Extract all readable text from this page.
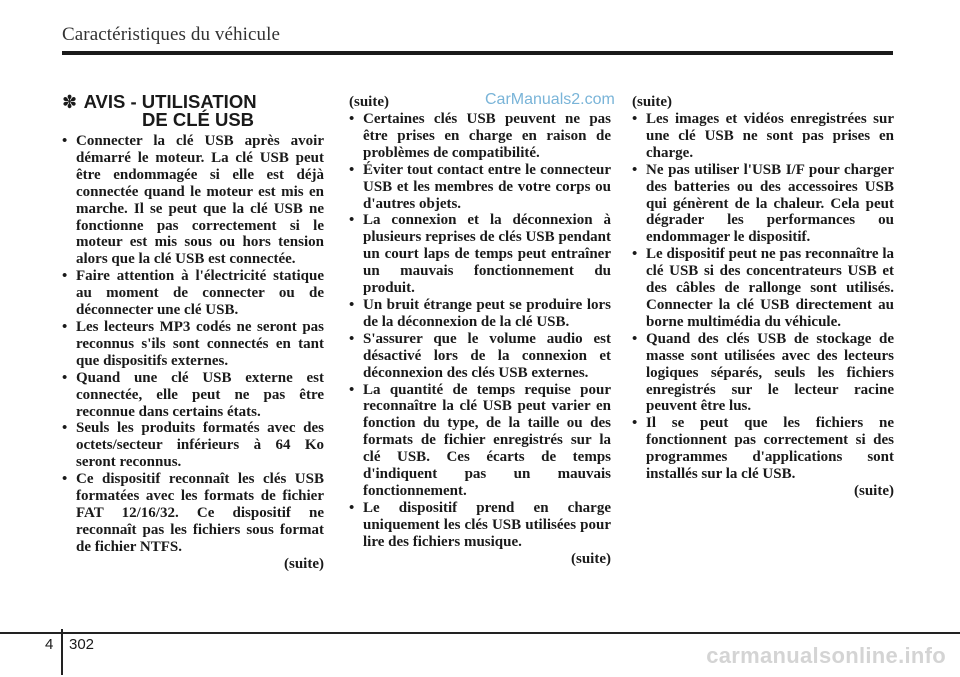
Caractéristiques du véhicule
CarManuals2.com
✽ AVIS - UTILISATION
DE CLÉ USB
• Connecter la clé USB après avoir démarré le moteur. La clé USB peut être endommagée si elle est déjà connectée quand le moteur est mis en marche. Il se peut que la clé USB ne fonctionne pas correctement si le moteur est mis sous ou hors tension alors que la clé USB est connectée.
• Faire attention à l'électricité statique au moment de connecter ou de déconnecter une clé USB.
• Les lecteurs MP3 codés ne seront pas reconnus s'ils sont connectés en tant que dispositifs externes.
• Quand une clé USB externe est connectée, elle peut ne pas être reconnue dans certains états.
• Seuls les produits formatés avec des octets/secteur inférieurs à 64 Ko seront reconnus.
• Ce dispositif reconnaît les clés USB formatées avec les formats de fichier FAT 12/16/32. Ce dispositif ne reconnaît pas les fichiers sous format de fichier NTFS.
(suite)
(suite)
• Certaines clés USB peuvent ne pas être prises en charge en raison de problèmes de compatibilité.
• Éviter tout contact entre le connecteur USB et les membres de votre corps ou d'autres objets.
• La connexion et la déconnexion à plusieurs reprises de clés USB pendant un court laps de temps peut entraîner un mauvais fonctionnement du produit.
• Un bruit étrange peut se produire lors de la déconnexion de la clé USB.
• S'assurer que le volume audio est désactivé lors de la connexion et déconnexion des clés USB externes.
• La quantité de temps requise pour reconnaître la clé USB peut varier en fonction du type, de la taille ou des formats de fichier enregistrés sur la clé USB. Ces écarts de temps d'indiquent pas un mauvais fonctionnement.
• Le dispositif prend en charge uniquement les clés USB utilisées pour lire des fichiers musique.
(suite)
(suite)
• Les images et vidéos enregistrées sur une clé USB ne sont pas prises en charge.
• Ne pas utiliser l'USB I/F pour charger des batteries ou des accessoires USB qui génèrent de la chaleur. Cela peut dégrader les performances ou endommager le dispositif.
• Le dispositif peut ne pas reconnaître la clé USB si des concentrateurs USB et des câbles de rallonge sont utilisés. Connecter la clé USB directement au borne multimédia du véhicule.
• Quand des clés USB de stockage de masse sont utilisées avec des lecteurs logiques séparés, seuls les fichiers enregistrés sur le lecteur racine peuvent être lus.
• Il se peut que les fichiers ne fonctionnent pas correctement si des programmes d'applications sont installés sur la clé USB.
(suite)
4 302	carmanualsonline.info
